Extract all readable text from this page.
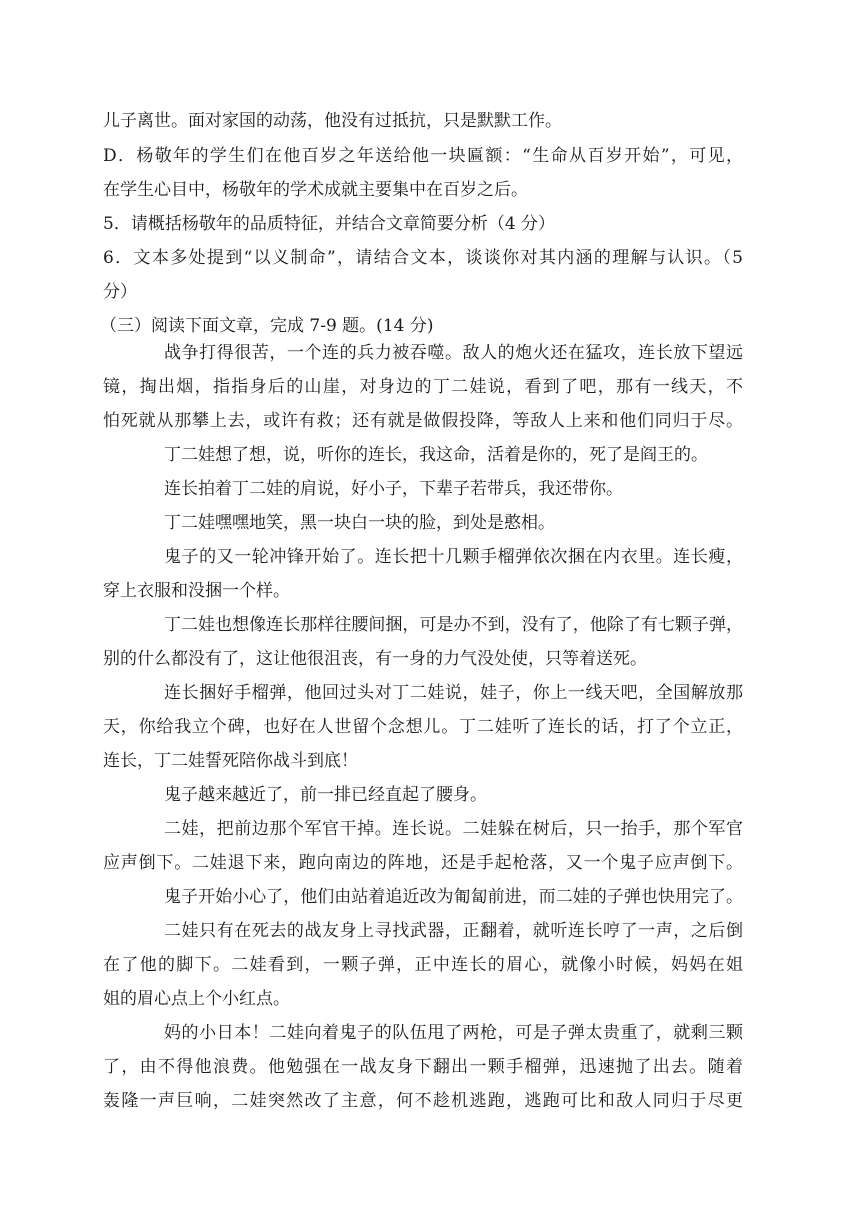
儿子离世。面对家国的动荡，他没有过抵抗，只是默默工作。
D．杨敬年的学生们在他百岁之年送给他一块匾额：“生命从百岁开始”，可见，
在学生心目中，杨敬年的学术成就主要集中在百岁之后。
5．请概括杨敬年的品质特征，并结合文章简要分析（4 分）
6．文本多处提到“以义制命”，请结合文本，谈谈你对其内涵的理解与认识。（5
分）
（三）阅读下面文章，完成 7-9 题。(14 分)
战争打得很苦，一个连的兵力被吞噬。敌人的炮火还在猛攻，连长放下望远
镜，掏出烟，指指身后的山崖，对身边的丁二娃说，看到了吧，那有一线天，不
怕死就从那攀上去，或许有救；还有就是做假投降，等敌人上来和他们同归于尽。
丁二娃想了想，说，听你的连长，我这命，活着是你的，死了是阎王的。
连长拍着丁二娃的肩说，好小子，下辈子若带兵，我还带你。
丁二娃嘿嘿地笑，黑一块白一块的脸，到处是憨相。
鬼子的又一轮冲锋开始了。连长把十几颗手榴弹依次捆在内衣里。连长瘦，
穿上衣服和没捆一个样。
丁二娃也想像连长那样往腰间捆，可是办不到，没有了，他除了有七颗子弹，
别的什么都没有了，这让他很沮丧，有一身的力气没处使，只等着送死。
连长捆好手榴弹，他回过头对丁二娃说，娃子，你上一线天吧，全国解放那
天，你给我立个碑，也好在人世留个念想儿。丁二娃听了连长的话，打了个立正，
连长，丁二娃誓死陪你战斗到底！
鬼子越来越近了，前一排已经直起了腰身。
二娃，把前边那个军官干掉。连长说。二娃躲在树后，只一抬手，那个军官
应声倒下。二娃退下来，跑向南边的阵地，还是手起枪落，又一个鬼子应声倒下。
鬼子开始小心了，他们由站着追近改为匍匐前进，而二娃的子弹也快用完了。
二娃只有在死去的战友身上寻找武器，正翻着，就听连长哼了一声，之后倒
在了他的脚下。二娃看到，一颗子弹，正中连长的眉心，就像小时候，妈妈在姐
姐的眉心点上个小红点。
妈的小日本！二娃向着鬼子的队伍甩了两枪，可是子弹太贵重了，就剩三颗
了，由不得他浪费。他勉强在一战友身下翻出一颗手榴弹，迅速抛了出去。随着
轰隆一声巨响，二娃突然改了主意，何不趁机逃跑，逃跑可比和敌人同归于尽更
